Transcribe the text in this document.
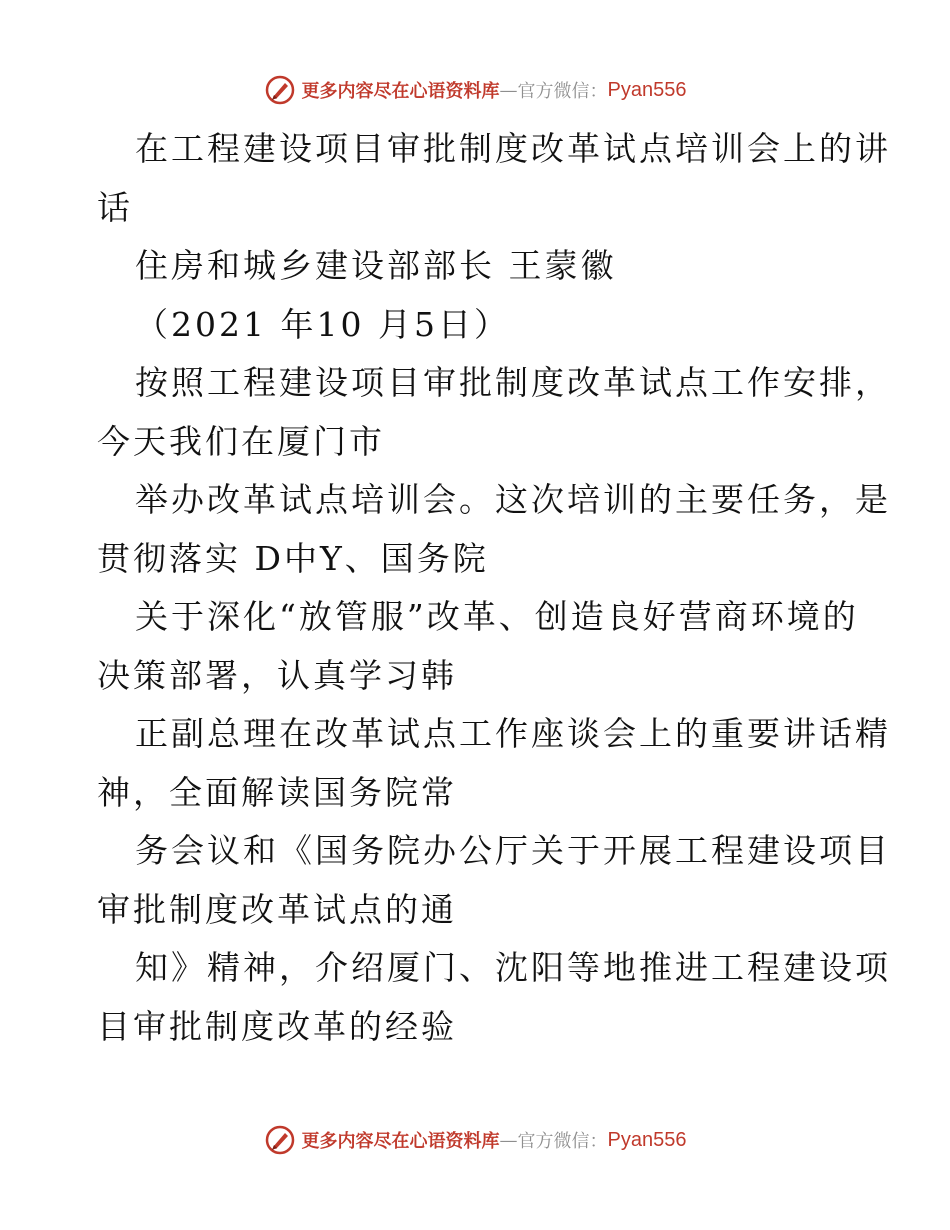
更多内容尽在心语资料库 — 官方微信： Pyan556

在工程建设项目审批制度改革试点培训会上的讲

话

住房和城乡建设部部长 王蒙徽

（2021 年10 月5日）

按照工程建设项目审批制度改革试点工作安排，

今天我们在厦门市

举办改革试点培训会。这次培训的主要任务，是

贯彻落实 D中Y、国务院

关于深化“放管服”改革、创造良好营商环境的

决策部署，认真学习韩

正副总理在改革试点工作座谈会上的重要讲话精

神，全面解读国务院常

务会议和《国务院办公厅关于开展工程建设项目

审批制度改革试点的通

知》精神，介绍厦门、沈阳等地推进工程建设项

目审批制度改革的经验

更多内容尽在心语资料库 — 官方微信： Pyan556
